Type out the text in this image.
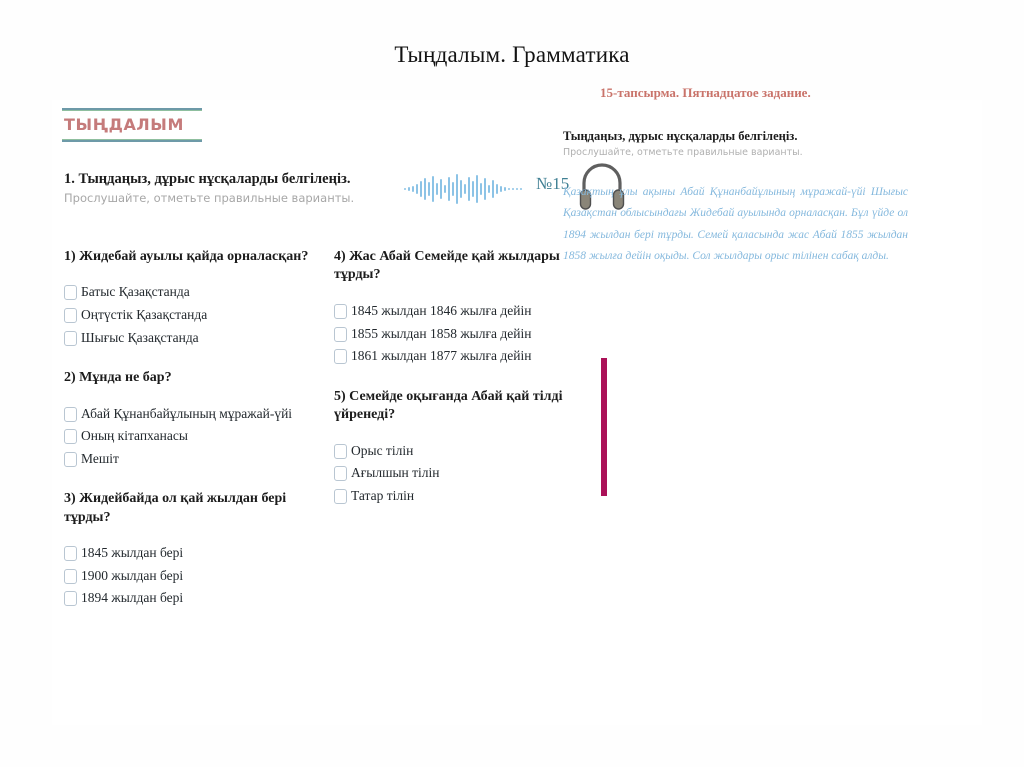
Тыңдалым. Грамматика
ТЫҢДАЛЫМ
1. Тыңдаңыз, дұрыс нұсқаларды белгілеңіз.
Прослушайте, отметьте правильные варианты.
№15
1) Жидебай ауылы қайда орналасқан?
Батыс Қазақстанда
Оңтүстік Қазақстанда
Шығыс Қазақстанда
2) Мұнда не бар?
Абай Құнанбайұлының мұражай-үйі
Оның кітапханасы
Мешіт
3) Жидейбайда ол қай жылдан бері тұрды?
1845 жылдан бері
1900 жылдан бері
1894 жылдан бері
4) Жас Абай Семейде қай жылдары тұрды?
1845 жылдан 1846 жылға дейін
1855 жылдан 1858 жылға дейін
1861 жылдан 1877 жылға дейін
5) Семейде оқығанда Абай қай тілді үйренеді?
Орыс тілін
Ағылшын тілін
Татар тілін
15-тапсырма. Пятнадцатое задание.
Тыңдаңыз, дұрыс нұсқаларды белгілеңіз.
Прослушайте, отметьте правильные варианты.
Қазақтың ұлы ақыны Абай Құнанбайұлының мұражай-үйі Шығыс Қазақстан облысындағы Жидебай ауылында орналасқан. Бұл үйде ол 1894 жылдан бері тұрды. Семей қаласында жас Абай 1855 жылдан 1858 жылға дейін оқыды. Сол жылдары орыс тілінен сабақ алды.
